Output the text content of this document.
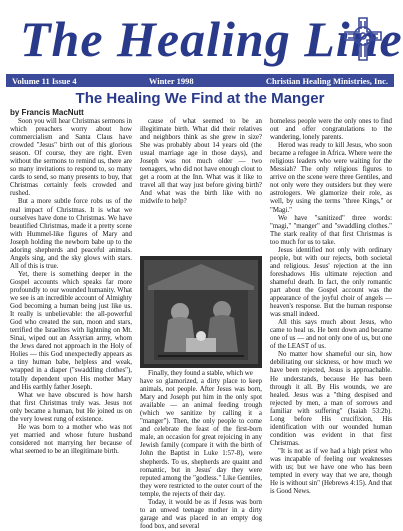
The Healing Line
Volume 11 Issue 4	Winter 1998	Christian Healing Ministries, Inc.
The Healing We Find at the Manger
by Francis MacNutt

Soon you will hear Christmas sermons in which preachers worry about how commercialism and Santa Claus have crowded "Jesus" birth out of this glorious season. Of course, they are right. Even without the sermons to remind us, there are so many invitations to respond to, so many cards to send, so many presents to buy, that Christmas certainly feels crowded and rushed.

But a more subtle force robs us of the real impact of Christmas. It is what we ourselves have done to Christmas. We have beautified Christmas, made it a pretty scene with Hummel-like figures of Mary and Joseph holding the newborn babe up to the adoring shepherds and peaceful animals. Angels sing, and the sky glows with stars. All of this is true.

Yet, there is something deeper in the Gospel accounts which speaks far more profoundly to our wounded humanity. What we see is an incredible account of Almighty God becoming a human being just like us. It really is unbelievable: the all-powerful God who created the sun, moon and stars, terrified the Israelites with lightning on Mt. Sinai, wiped out an Assyrian army, whom the Jews dared not approach in the Holy of Holies — this God unexpectedly appears as a tiny human babe, helpless and weak, wrapped in a diaper ("swaddling clothes"), totally dependent upon His mother Mary and His earthly father Joseph.

What we have obscured is how harsh that first Christmas truly was. Jesus not only became a human, but He joined us on the very lowest rung of existence.

He was born to a mother who was not yet married and whose future husband considered not marrying her because of what seemed to be an illegitimate birth.

cause of what seemed to be an illegitimate birth. What did their relatives and neighbors think as she grew in size? She was probably about 14 years old (the usual marriage age in those days), and Joseph was not much older — two teenagers, who did not have enough clout to get a room at the Inn. What was it like to travel all that way just before giving birth? And what was the birth like with no midwife to help?

Finally, they found a stable, which we

have so glamorized, a dirty place to keep animals, not people. After Jesus was born, Mary and Joseph put him in the only spot available — an animal feeding trough (which we sanitize by calling it a "manger"). Then, the only people to come and celebrate the feast of the first-born male, an occasion for great rejoicing in any Jewish family (compare it with the birth of John the Baptist in Luke 1:57-8), were shepherds. To us, shepherds are quaint and romantic, but in Jesus' day they were reputed among the "godless." Like Gentiles, they were restricted to the outer court of the temple, the rejects of their day.

Today, it would be as if Jesus was born to an unwed teenage mother in a dirty garage and was placed in an empty dog food box, and several

homeless people were the only ones to find out and offer congratulations to the wandering, lonely parents.

Herod was ready to kill Jesus, who soon became a refugee in Africa. Where were the religious leaders who were waiting for the Messiah? The only religious figures to arrive on the scene were three Gentiles, and not only were they outsiders but they were astrologers. We glamorize their role, as well, by using the terms "three Kings," or "Magi."

We have "sanitized" three words: "magi," "manger" and "swaddling clothes." The stark reality of that first Christmas is too much for us to take.

Jesus identified not only with ordinary people, but with our rejects, both societal and religious. Jesus' rejection at the inn foreshadows His ultimate rejection and shameful death. In fact, the only romantic part about the Gospel account was the appearance of the joyful choir of angels — heaven's response. But the human response was small indeed.

All this says much about Jesus, who came to heal us. He bent down and became one of us — and not only one of us, but one of the LEAST of us.

No matter how shameful our sin, how debilitating our sickness, or how much we have been rejected, Jesus is approachable. He understands, because He has been through it all. By His wounds, we are healed. Jesus was a "thing despised and rejected by men, a man of sorrows and familiar with suffering" (Isaiah 53:2b). Long before His crucifixion, His identification with our wounded human condition was evident in that first Christmas.

"It is not as if we had a high priest who was incapable of feeling our weaknesses with us; but we have one who has been tempted in every way that we are, though He is without sin" (Hebrews 4:15). And that is Good News.
